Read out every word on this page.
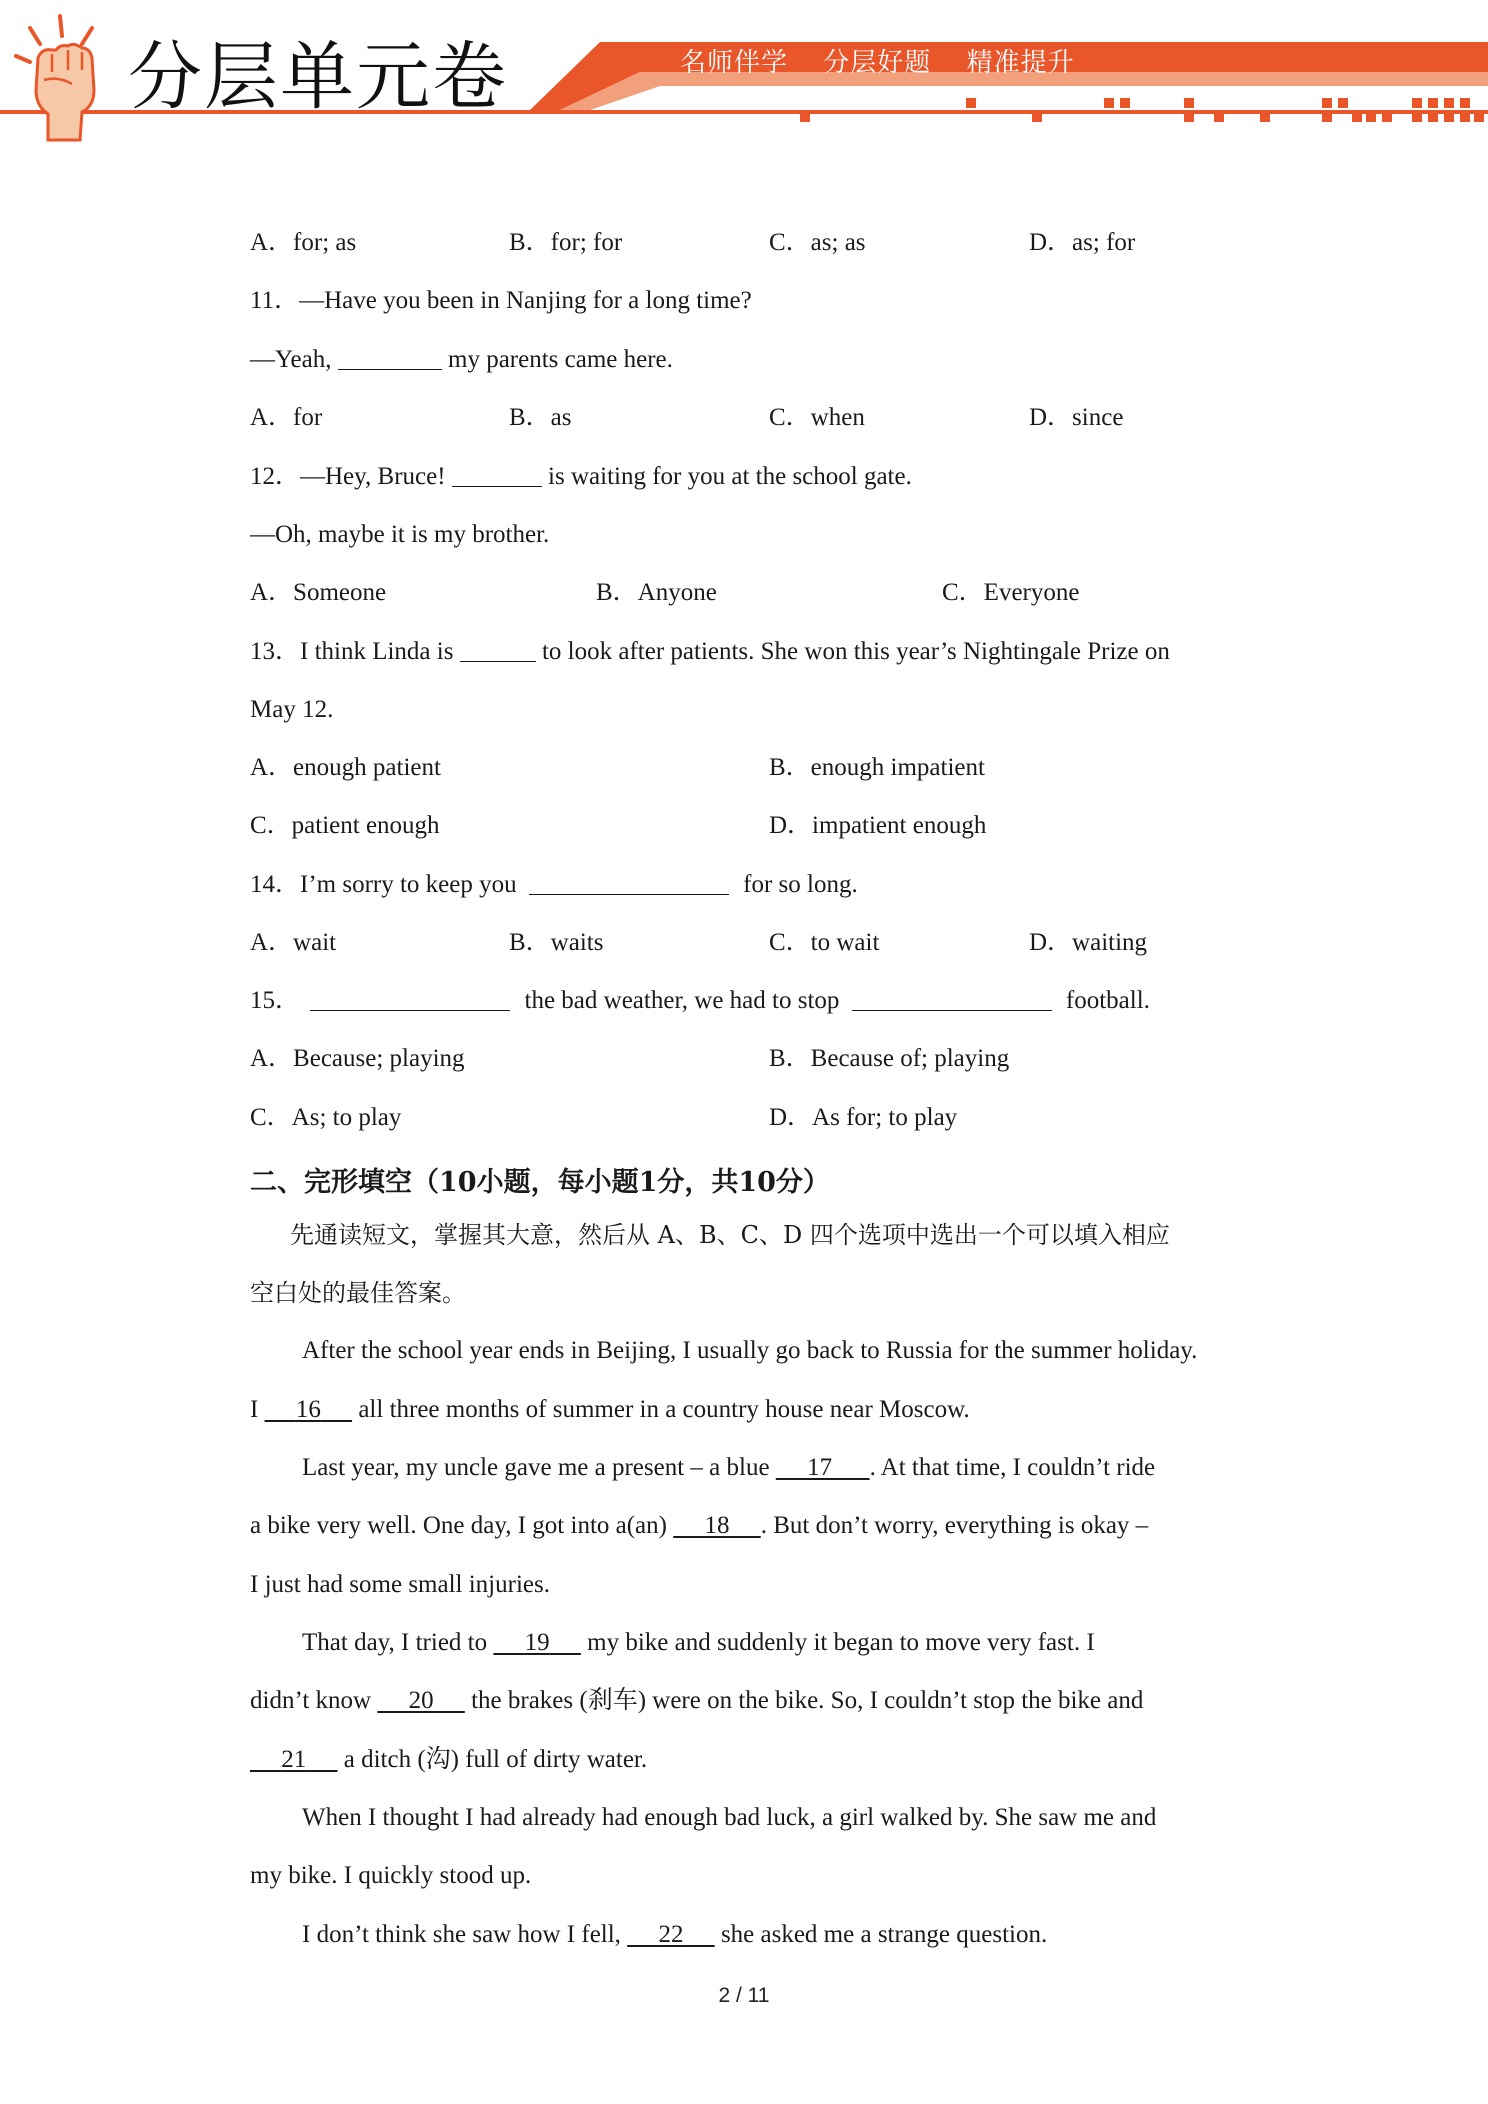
分层单元卷	名师伴学 分层好题 精准提升
A．for; as	B．for; for	C．as; as	D．as; for
11．—Have you been in Nanjing for a long time?
—Yeah,	my parents came here.
A．for	B．as	C．when	D．since
12．—Hey, Bruce!	is waiting for you at the school gate.
—Oh, maybe it is my brother.
A．Someone	B．Anyone	C．Everyone
13．I think Linda is	to look after patients. She won this year’s Nightingale Prize on
May 12.
A．enough patient	B．enough impatient
C．patient enough	D．impatient enough
14．I’m sorry to keep you	for so long.
A．wait	B．waits	C．to wait	D．waiting
15．	the bad weather, we had to stop	football.
A．Because; playing	B．Because of; playing
C．As; to play	D．As for; to play
二、完形填空（10小题，每小题1分，共10分）
先通读短文，掌握其大意，然后从 A、B、C、D 四个选项中选出一个可以填入相应
空白处的最佳答案。
After the school year ends in Beijing, I usually go back to Russia for the summer holiday.
I 16 all three months of summer in a country house near Moscow.
Last year, my uncle gave me a present – a blue 17 . At that time, I couldn’t ride
a bike very well. One day, I got into a(an) 18 . But don’t worry, everything is okay –
I just had some small injuries.
That day, I tried to 19 my bike and suddenly it began to move very fast. I
didn’t know 20 the brakes (刹车) were on the bike. So, I couldn’t stop the bike and
21 a ditch (沟) full of dirty water.
When I thought I had already had enough bad luck, a girl walked by. She saw me and
my bike. I quickly stood up.
I don’t think she saw how I fell, 22 she asked me a strange question.
2 / 11
